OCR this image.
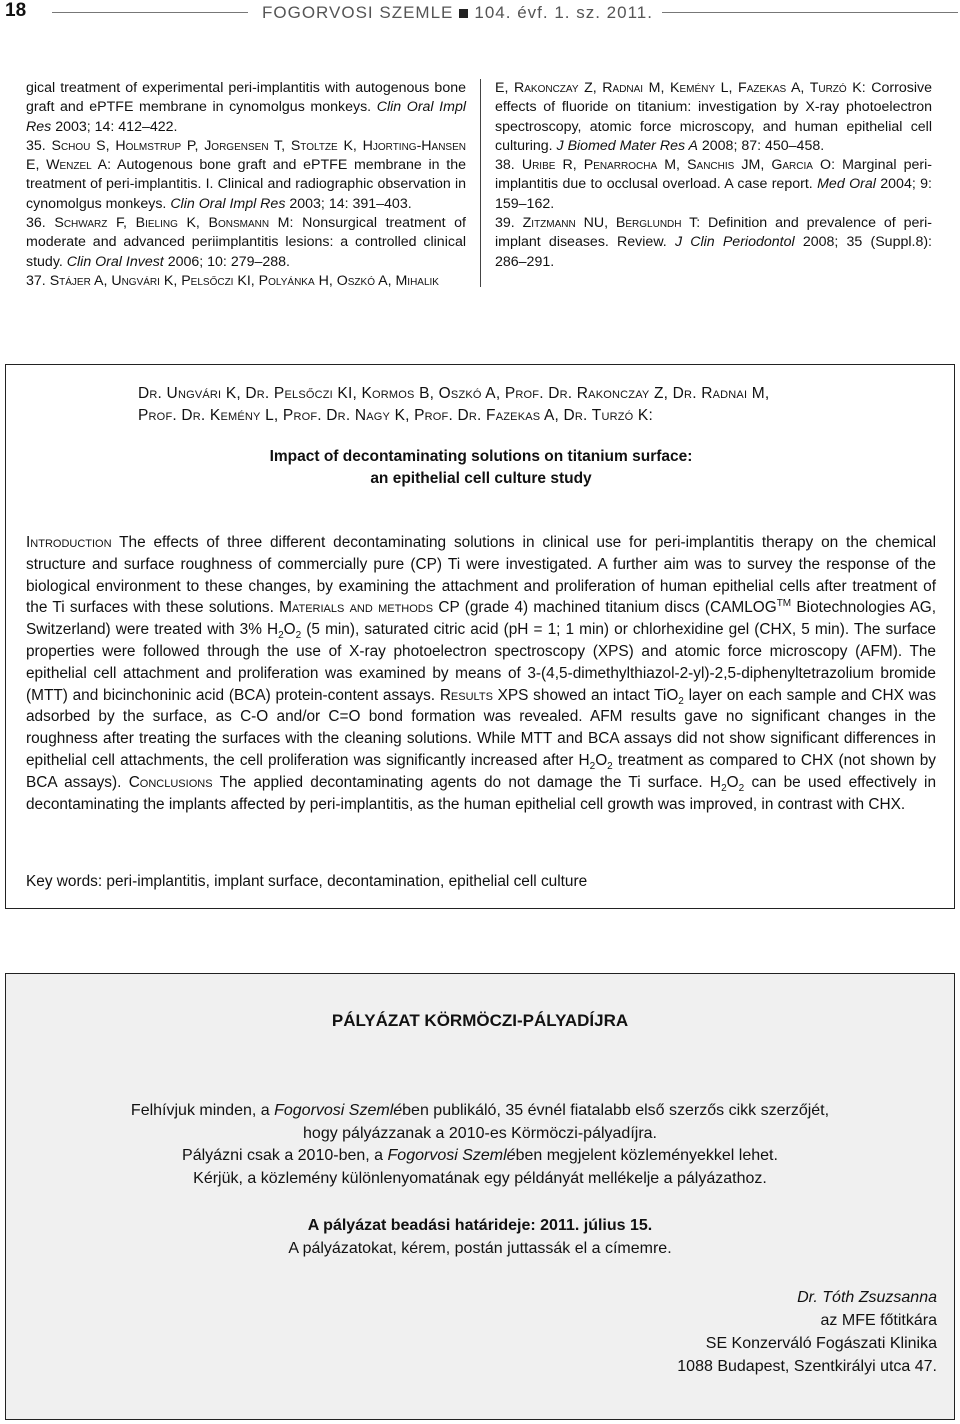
18	FOGORVOSI SZEMLE 104. évf. 1. sz. 2011.

gical treatment of experimental peri-implantitis with autogenous bone graft and ePTFE membrane in cynomolgus monkeys. Clin Oral Impl Res 2003; 14: 412–422.

35. Schou S, Holmstrup P, Jorgensen T, Stoltze K, Hjorting-Hansen E, Wenzel A: Autogenous bone graft and ePTFE membrane in the treatment of peri-implantitis. I. Clinical and radiographic observation in cynomolgus monkeys. Clin Oral Impl Res 2003; 14: 391–403.

36. Schwarz F, Bieling K, Bonsmann M: Nonsurgical treatment of moderate and advanced periimplantitis lesions: a controlled clinical study. Clin Oral Invest 2006; 10: 279–288.

37. Stájer A, Ungvári K, Pelsőczi KI, Polyánka H, Oszkó A, Mihalik

E, Rakonczay Z, Radnai M, Kemény L, Fazekas A, Turzó K: Corrosive effects of fluoride on titanium: investigation by X-ray photoelectron spectroscopy, atomic force microscopy, and human epithelial cell culturing. J Biomed Mater Res A 2008; 87: 450–458.

38. Uribe R, Penarrocha M, Sanchis JM, Garcia O: Marginal peri-implantitis due to occlusal overload. A case report. Med Oral 2004; 9: 159–162.

39. Zitzmann NU, Berglundh T: Definition and prevalence of peri-implant diseases. Review. J Clin Periodontol 2008; 35 (Suppl.8): 286–291.

Dr. Ungvári K, Dr. Pelsőczi KI, Kormos B, Oszkó A, Prof. Dr. Rakonczay Z, Dr. Radnai M,
Prof. Dr. Kemény L, Prof. Dr. Nagy K, Prof. Dr. Fazekas A, Dr. Turzó K:
Impact of decontaminating solutions on titanium surface:
an epithelial cell culture study

Introduction The effects of three different decontaminating solutions in clinical use for peri-implantitis therapy on the chemical structure and surface roughness of commercially pure (CP) Ti were investigated. A further aim was to survey the response of the biological environment to these changes, by examining the attachment and proliferation of human epithelial cells after treatment of the Ti surfaces with these solutions. Materials and methods CP (grade 4) machined titanium discs (CAMLOG™ Biotechnologies AG, Switzerland) were treated with 3% $H_2O_2$ (5 min), saturated citric acid (pH = 1; 1 min) or chlorhexidine gel (CHX, 5 min). The surface properties were followed through the use of X-ray photoelectron spectroscopy (XPS) and atomic force microscopy (AFM). The epithelial cell attachment and proliferation was examined by means of 3-(4,5-dimethylthiazol-2-yl)-2,5-diphenyltetrazolium bromide (MTT) and bicinchoninic acid (BCA) protein-content assays. Results XPS showed an intact TiO$_2$ layer on each sample and CHX was adsorbed by the surface, as C-O and/or C=O bond formation was revealed. AFM results gave no significant changes in the roughness after treating the surfaces with the cleaning solutions. While MTT and BCA assays did not show significant differences in epithelial cell attachments, the cell proliferation was significantly increased after $H_2O_2$ treatment as compared to CHX (not shown by BCA assays). Conclusions The applied decontaminating agents do not damage the Ti surface. $H_2O_2$ can be used effectively in decontaminating the implants affected by peri-implantitis, as the human epithelial cell growth was improved, in contrast with CHX.

Key words: peri-implantitis, implant surface, decontamination, epithelial cell culture
PÁLYÁZAT KÖRMÖCZI-PÁLYADÍJRA

Felhívjuk minden, a Fogorvosi Szemlében publikáló, 35 évnél fiatalabb első szerzős cikk szerzőjét,

hogy pályázzanak a 2010-es Körmöczi-pályadíjra.

Pályázni csak a 2010-ben, a Fogorvosi Szemlében megjelent közleményekkel lehet.

Kérjük, a közlemény különlenyomatának egy példányát mellékelje a pályázathoz.

A pályázat beadási határideje: 2011. július 15.

A pályázatokat, kérem, postán juttassák el a címemre.

Dr. Tóth Zsuzsanna

az MFE főtitkára

SE Konzerváló Fogászati Klinika

1088 Budapest, Szentkirályi utca 47.
